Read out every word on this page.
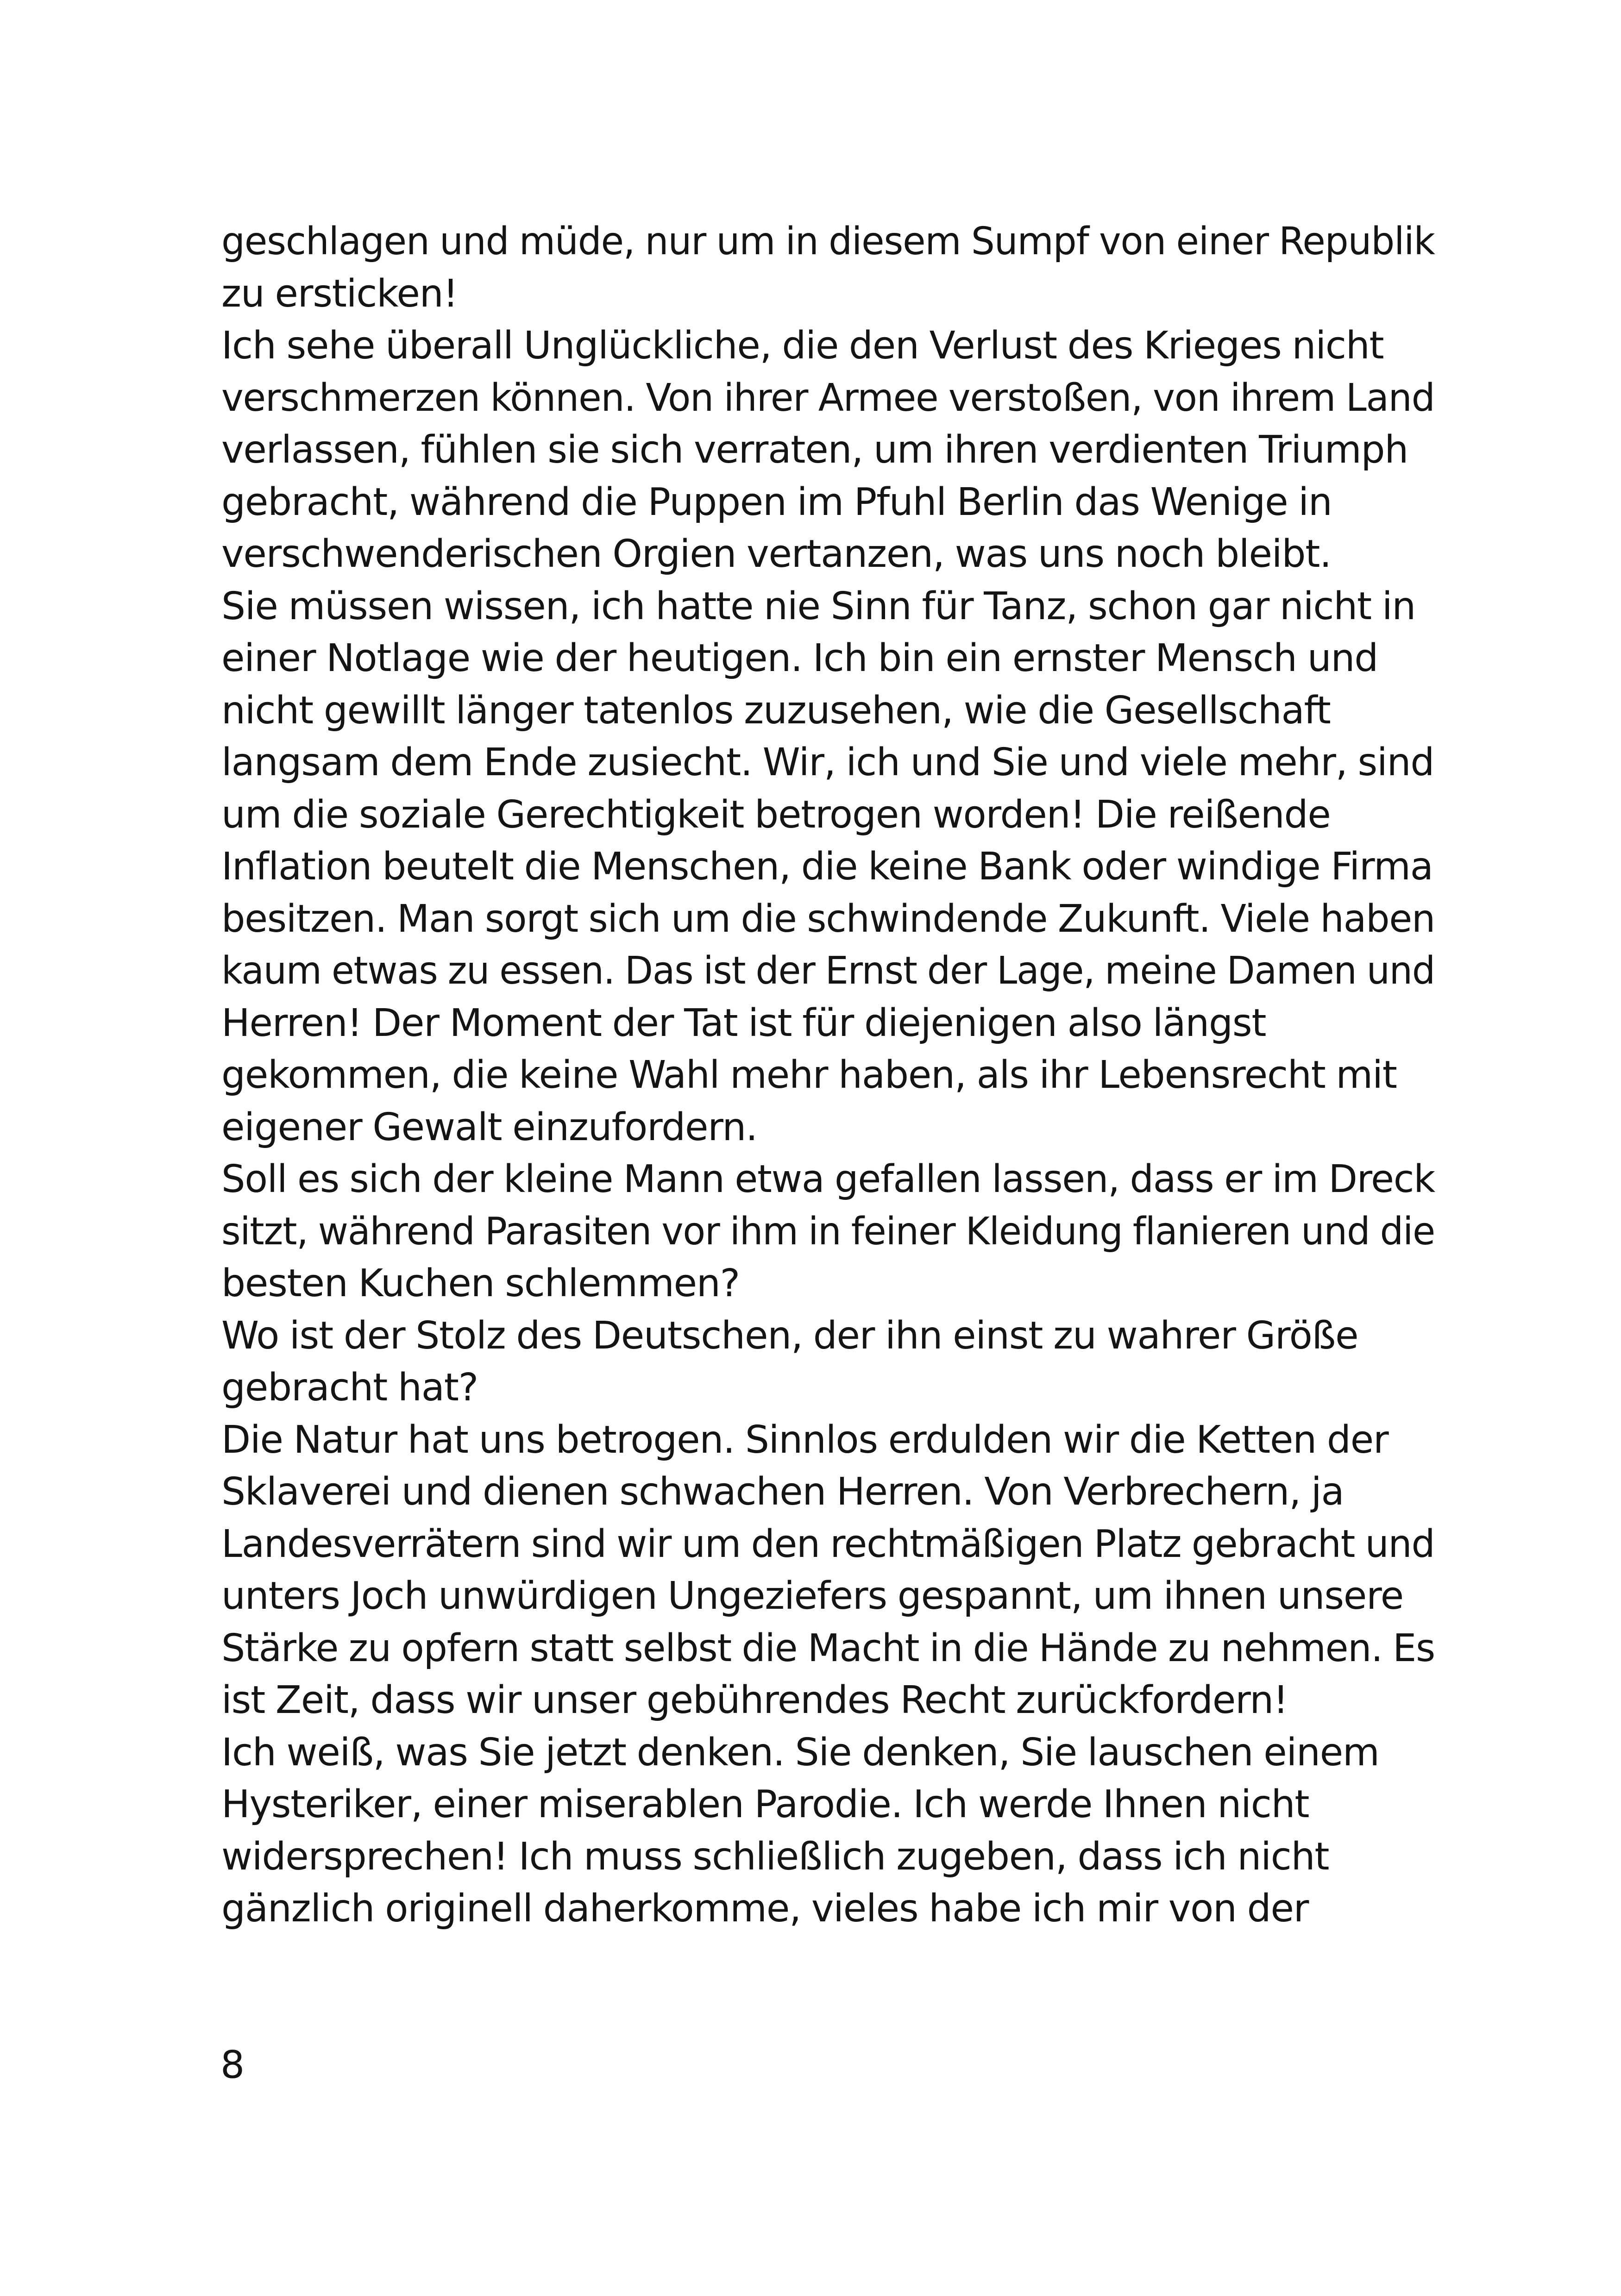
geschlagen und müde, nur um in diesem Sumpf von einer Republik
zu ersticken!
Ich sehe überall Unglückliche, die den Verlust des Krieges nicht
verschmerzen können. Von ihrer Armee verstoßen, von ihrem Land
verlassen, fühlen sie sich verraten, um ihren verdienten Triumph
gebracht, während die Puppen im Pfuhl Berlin das Wenige in
verschwenderischen Orgien vertanzen, was uns noch bleibt.
Sie müssen wissen, ich hatte nie Sinn für Tanz, schon gar nicht in
einer Notlage wie der heutigen. Ich bin ein ernster Mensch und
nicht gewillt länger tatenlos zuzusehen, wie die Gesellschaft
langsam dem Ende zusiecht. Wir, ich und Sie und viele mehr, sind
um die soziale Gerechtigkeit betrogen worden! Die reißende
Inflation beutelt die Menschen, die keine Bank oder windige Firma
besitzen. Man sorgt sich um die schwindende Zukunft. Viele haben
kaum etwas zu essen. Das ist der Ernst der Lage, meine Damen und
Herren! Der Moment der Tat ist für diejenigen also längst
gekommen, die keine Wahl mehr haben, als ihr Lebensrecht mit
eigener Gewalt einzufordern.
Soll es sich der kleine Mann etwa gefallen lassen, dass er im Dreck
sitzt, während Parasiten vor ihm in feiner Kleidung flanieren und die
besten Kuchen schlemmen?
Wo ist der Stolz des Deutschen, der ihn einst zu wahrer Größe
gebracht hat?
Die Natur hat uns betrogen. Sinnlos erdulden wir die Ketten der
Sklaverei und dienen schwachen Herren. Von Verbrechern, ja
Landesverrätern sind wir um den rechtmäßigen Platz gebracht und
unters Joch unwürdigen Ungeziefers gespannt, um ihnen unsere
Stärke zu opfern statt selbst die Macht in die Hände zu nehmen. Es
ist Zeit, dass wir unser gebührendes Recht zurückfordern!
Ich weiß, was Sie jetzt denken. Sie denken, Sie lauschen einem
Hysteriker, einer miserablen Parodie. Ich werde Ihnen nicht
widersprechen! Ich muss schließlich zugeben, dass ich nicht
gänzlich originell daherkomme, vieles habe ich mir von der
8
